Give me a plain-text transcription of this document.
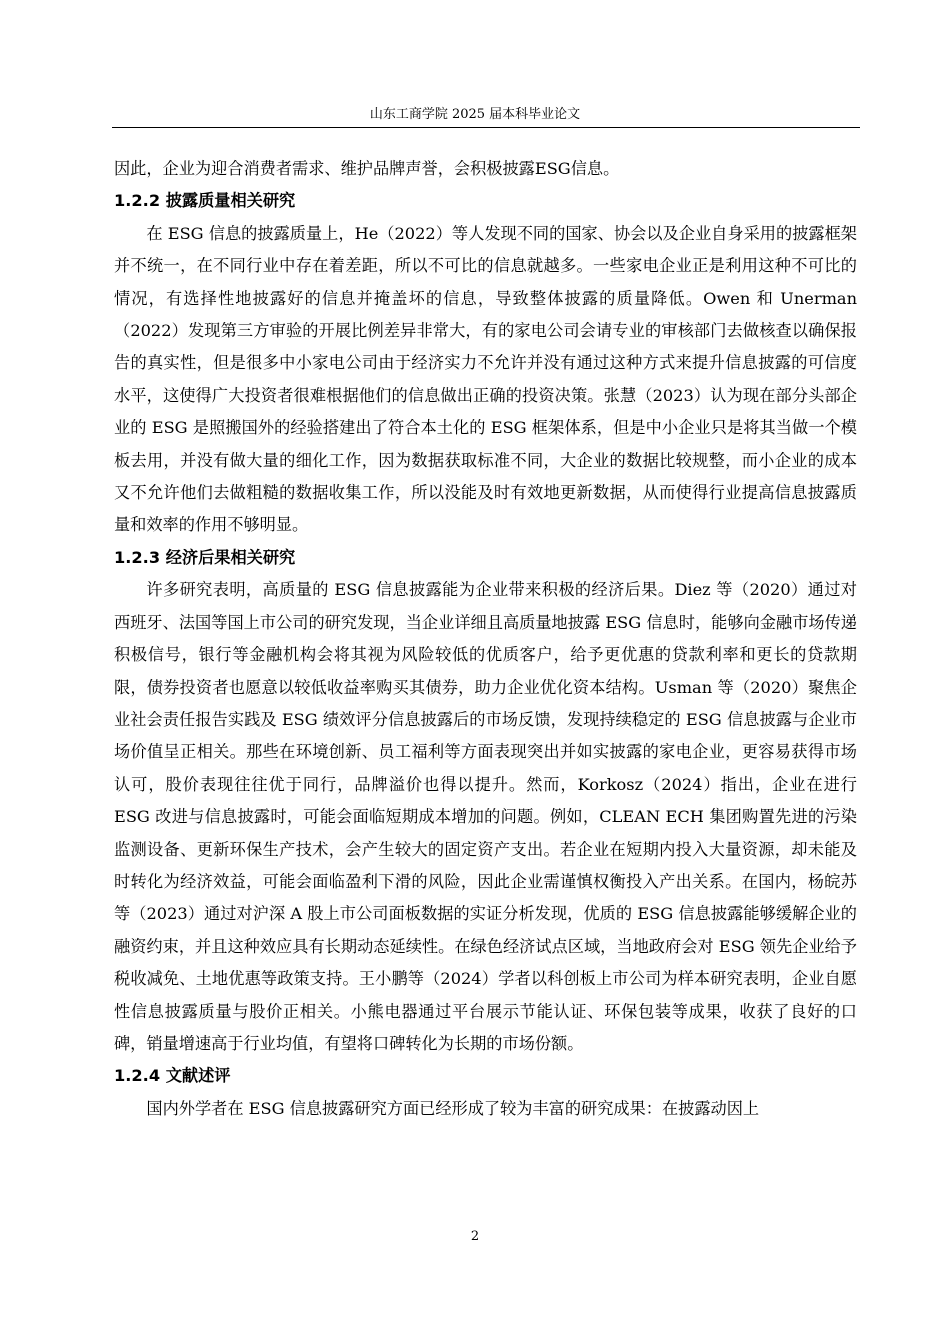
山东工商学院 2025 届本科毕业论文

因此，企业为迎合消费者需求、维护品牌声誉，会积极披露ESG信息。

1.2.2 披露质量相关研究

在 ESG 信息的披露质量上，He（2022）等人发现不同的国家、协会以及企业自身采用的披露框架并不统一，在不同行业中存在着差距，所以不可比的信息就越多。一些家电企业正是利用这种不可比的情况，有选择性地披露好的信息并掩盖坏的信息，导致整体披露的质量降低。Owen 和 Unerman（2022）发现第三方审验的开展比例差异非常大，有的家电公司会请专业的审核部门去做核查以确保报告的真实性，但是很多中小家电公司由于经济实力不允许并没有通过这种方式来提升信息披露的可信度水平，这使得广大投资者很难根据他们的信息做出正确的投资决策。张慧（2023）认为现在部分头部企业的 ESG 是照搬国外的经验搭建出了符合本土化的 ESG 框架体系，但是中小企业只是将其当做一个模板去用，并没有做大量的细化工作，因为数据获取标准不同，大企业的数据比较规整，而小企业的成本又不允许他们去做粗糙的数据收集工作，所以没能及时有效地更新数据，从而使得行业提高信息披露质量和效率的作用不够明显。

1.2.3 经济后果相关研究

许多研究表明，高质量的 ESG 信息披露能为企业带来积极的经济后果。Diez 等（2020）通过对西班牙、法国等国上市公司的研究发现，当企业详细且高质量地披露 ESG 信息时，能够向金融市场传递积极信号，银行等金融机构会将其视为风险较低的优质客户，给予更优惠的贷款利率和更长的贷款期限，债券投资者也愿意以较低收益率购买其债券，助力企业优化资本结构。Usman 等（2020）聚焦企业社会责任报告实践及 ESG 绩效评分信息披露后的市场反馈，发现持续稳定的 ESG 信息披露与企业市场价值呈正相关。那些在环境创新、员工福利等方面表现突出并如实披露的家电企业，更容易获得市场认可，股价表现往往优于同行，品牌溢价也得以提升。然而，Korkosz（2024）指出，企业在进行 ESG 改进与信息披露时，可能会面临短期成本增加的问题。例如，CLEAN ECH 集团购置先进的污染监测设备、更新环保生产技术，会产生较大的固定资产支出。若企业在短期内投入大量资源，却未能及时转化为经济效益，可能会面临盈利下滑的风险，因此企业需谨慎权衡投入产出关系。在国内，杨皖苏等（2023）通过对沪深 A 股上市公司面板数据的实证分析发现，优质的 ESG 信息披露能够缓解企业的融资约束，并且这种效应具有长期动态延续性。在绿色经济试点区域，当地政府会对 ESG 领先企业给予税收减免、土地优惠等政策支持。王小鹏等（2024）学者以科创板上市公司为样本研究表明，企业自愿性信息披露质量与股价正相关。小熊电器通过平台展示节能认证、环保包装等成果，收获了良好的口碑，销量增速高于行业均值，有望将口碑转化为长期的市场份额。

1.2.4 文献述评

国内外学者在 ESG 信息披露研究方面已经形成了较为丰富的研究成果：在披露动因上

2
